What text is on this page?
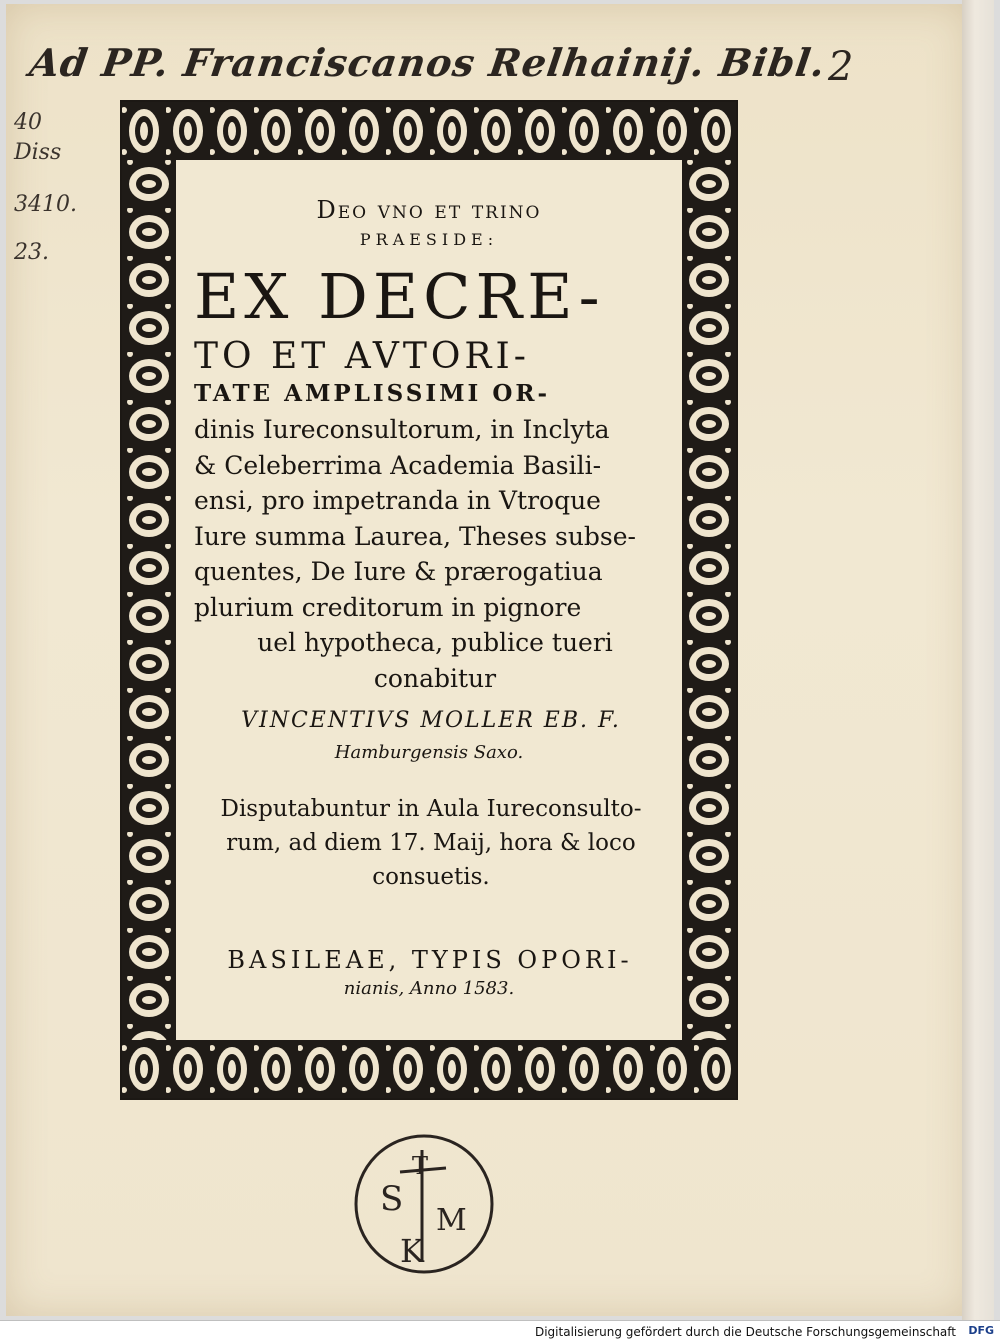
Ad PP. Franciscanos Relhainij. Bibl. 2
40
Diss
3410.
23.
Deo vno et trino
PRAESIDE:
EX DECRE-
TO ET AVTORI-
TATE AMPLISSIMI OR-
dinis Iureconsultorum, in Inclyta
& Celeberrima Academia Basili-
ensi, pro impetranda in Vtroque
Iure summa Laurea, Theses subse-
quentes, De Iure & prærogatiua
plurium creditorum in pignore
uel hypotheca, publice tueri
conabitur
VINCENTIVS MOLLER EB. F.
Hamburgensis Saxo.
Disputabuntur in Aula Iureconsulto-
rum, ad diem 17. Maij, hora & loco
consuetis.
BASILEAE, TYPIS OPORI-
nianis, Anno 1583.
S
T
M
K
Digitalisierung gefördert durch die Deutsche Forschungsgemeinschaft DFG
